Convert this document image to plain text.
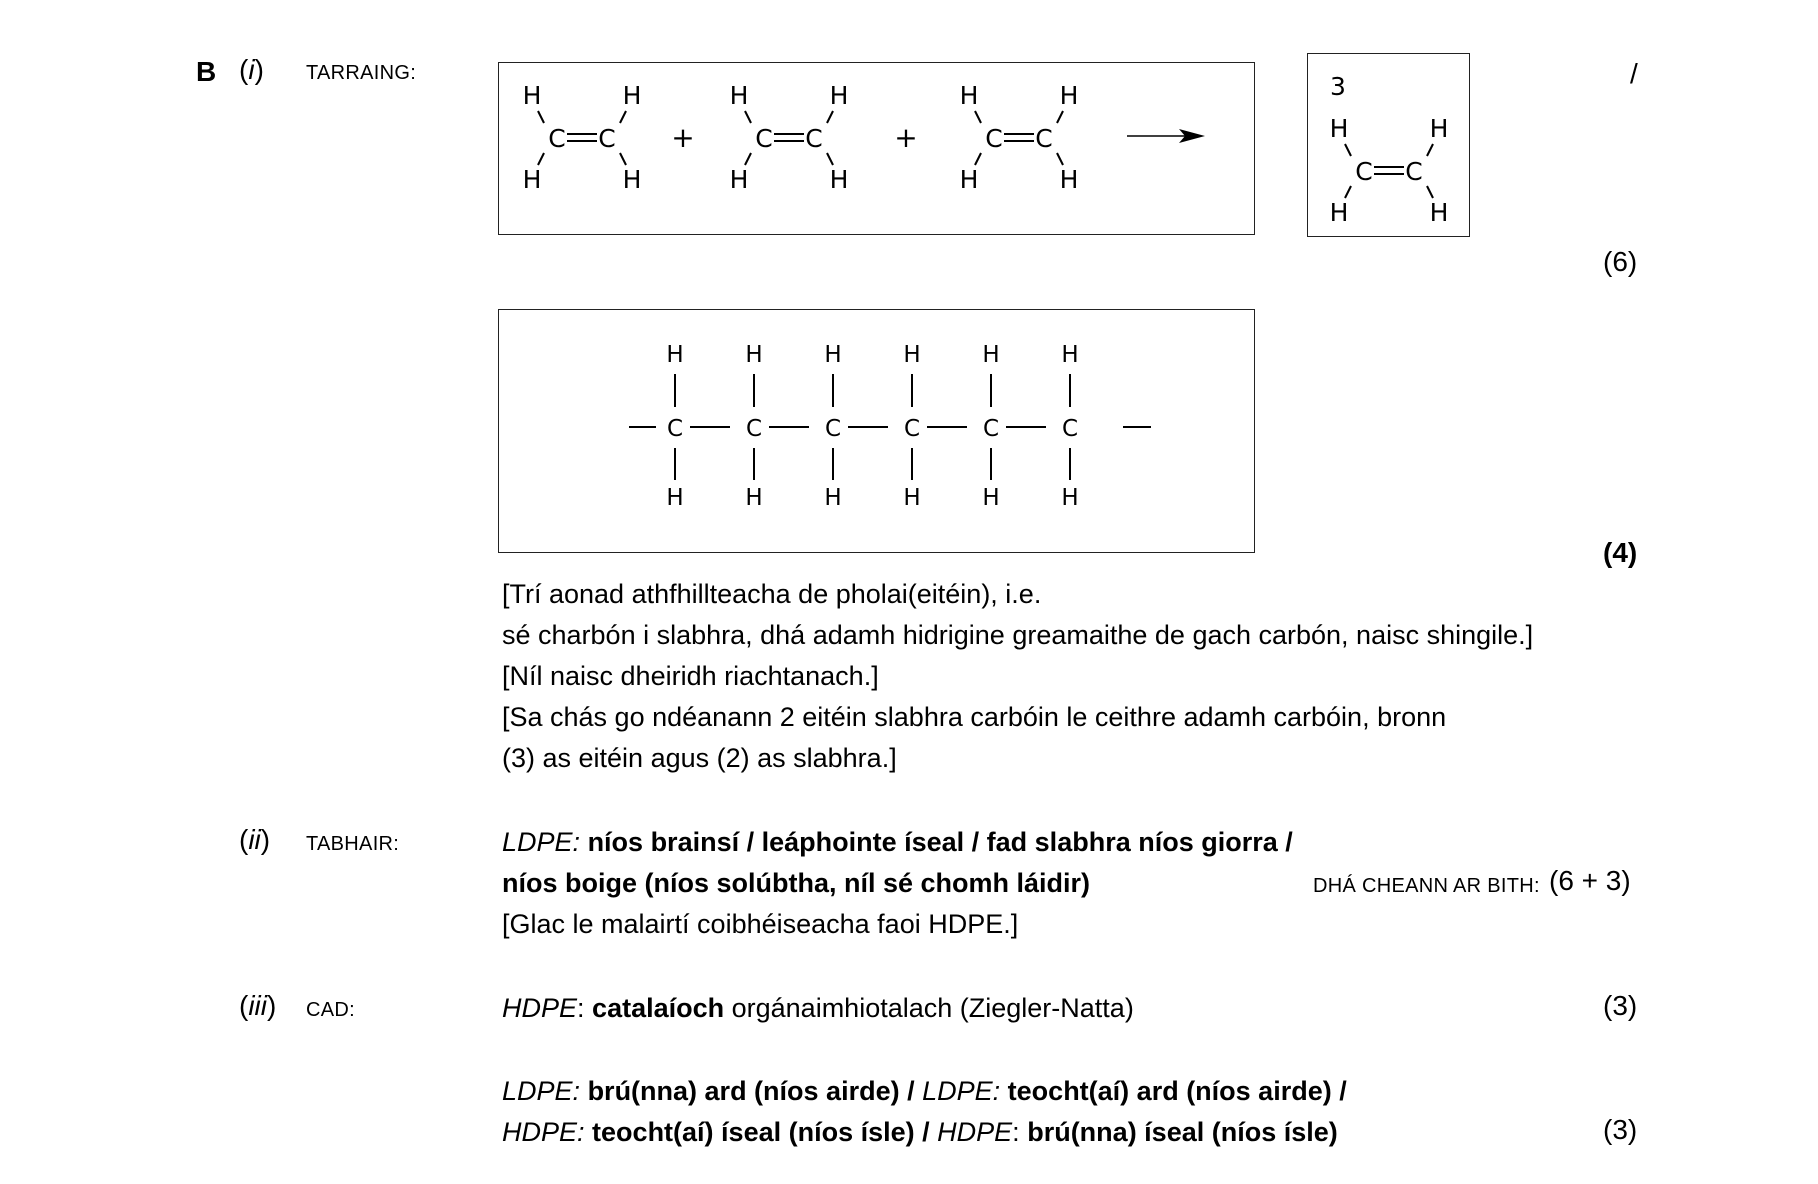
B (i) TARRAING:
H	H
H	H
C C +
H	H
H	H
C C	+
H	H
H	H
C C
3
H	H
H	H
C C
/
(6)
H
C
H
H
C
H
H
C
H
H
C
H
H
C
H
H
C
H
(4)
[Trí aonad athfhillteacha de pholai(eitéin), i.e.
sé charbón i slabhra, dhá adamh hidrigine greamaithe de gach carbón, naisc shingile.]
[Níl naisc dheiridh riachtanach.]
[Sa chás go ndéanann 2 eitéin slabhra carbóin le ceithre adamh carbóin, bronn
(3) as eitéin agus (2) as slabhra.]
(ii) TABHAIR:	LDPE: níos brainsí / leáphointe íseal / fad slabhra níos giorra /
níos boige (níos solúbtha, níl sé chomh láidir)	DHÁ CHEANN AR BITH: (6 + 3)
[Glac le malairtí coibhéiseacha faoi HDPE.]
(iii) CAD:	HDPE: catalaíoch orgánaimhiotalach (Ziegler-Natta)	(3)
LDPE: brú(nna) ard (níos airde) / LDPE: teocht(aí) ard (níos airde) /
HDPE: teocht(aí) íseal (níos ísle) / HDPE: brú(nna) íseal (níos ísle)	(3)
